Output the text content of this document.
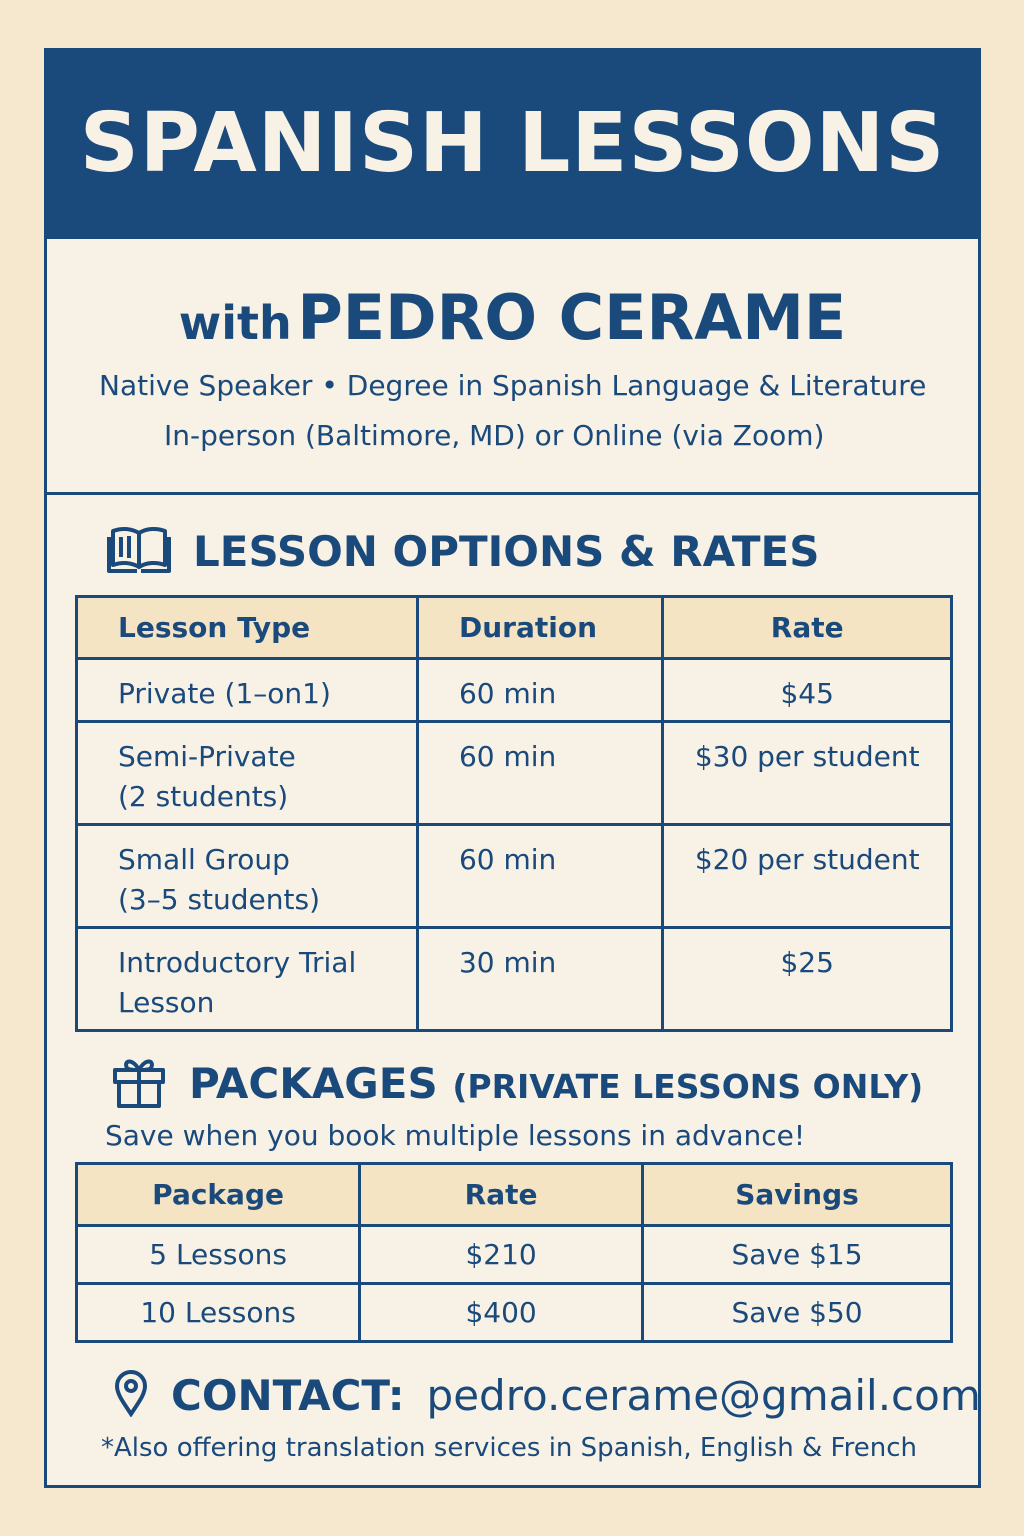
SPANISH LESSONS
with PEDRO CERAME
Native Speaker • Degree in Spanish Language & Literature
In-person (Baltimore, MD) or Online (via Zoom)
LESSON OPTIONS & RATES
Lesson Type	Duration	Rate

Private (1–on1)	60 min	$45

Semi-Private
(2 students)	60 min	$30 per student

Small Group
(3–5 students)	60 min	$20 per student

Introductory Trial
Lesson	30 min	$25
PACKAGES (PRIVATE LESSONS ONLY)
Save when you book multiple lessons in advance!
Package	Rate	Savings
5 Lessons	$210	Save $15
10 Lessons	$400	Save $50
CONTACT: pedro.cerame@gmail.com
*Also offering translation services in Spanish, English & French
